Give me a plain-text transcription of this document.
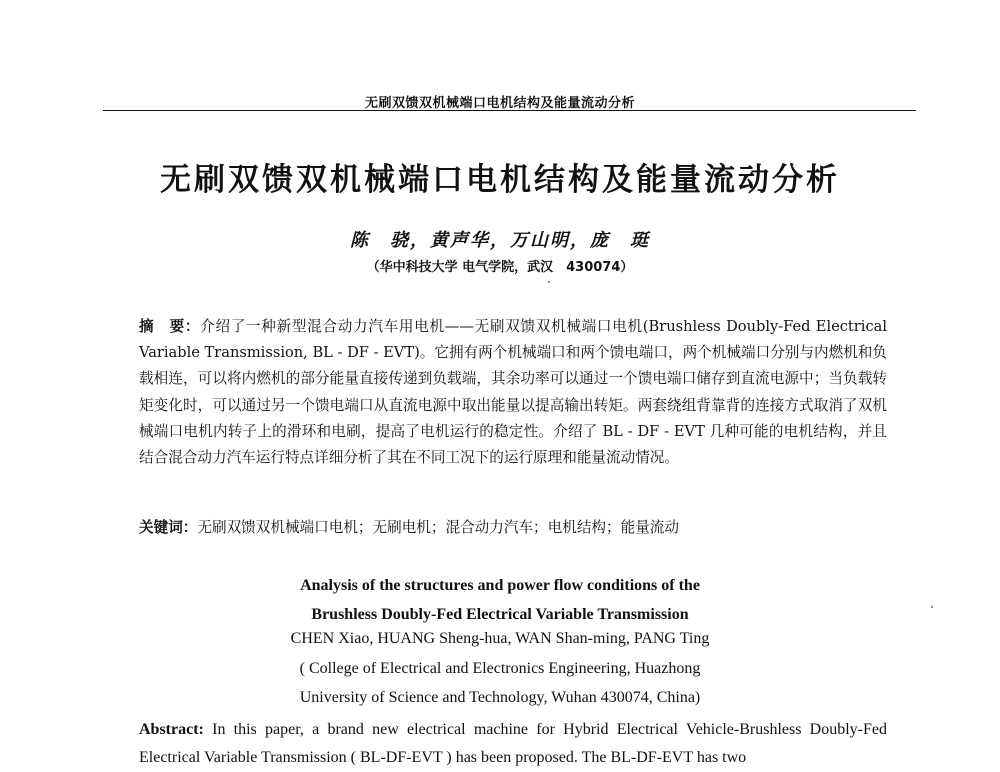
无刷双馈双机械端口电机结构及能量流动分析
无刷双馈双机械端口电机结构及能量流动分析
陈　骁，黄声华，万山明，庞　珽
（华中科技大学 电气学院，武汉　430074）
摘　要：介绍了一种新型混合动力汽车用电机——无刷双馈双机械端口电机(Brushless Doubly-Fed Electrical Variable Transmission, BL - DF - EVT)。它拥有两个机械端口和两个馈电端口，两个机械端口分别与内燃机和负载相连，可以将内燃机的部分能量直接传递到负载端，其余功率可以通过一个馈电端口储存到直流电源中；当负载转矩变化时，可以通过另一个馈电端口从直流电源中取出能量以提高输出转矩。两套绕组背靠背的连接方式取消了双机械端口电机内转子上的滑环和电刷，提高了电机运行的稳定性。介绍了 BL - DF - EVT 几种可能的电机结构，并且结合混合动力汽车运行特点详细分析了其在不同工况下的运行原理和能量流动情况。
关键词：无刷双馈双机械端口电机；无刷电机；混合动力汽车；电机结构；能量流动
Analysis of the structures and power flow conditions of the
Brushless Doubly-Fed Electrical Variable Transmission
CHEN Xiao, HUANG Sheng-hua, WAN Shan-ming, PANG Ting
( College of Electrical and Electronics Engineering, Huazhong
University of Science and Technology, Wuhan 430074, China)
Abstract: In this paper, a brand new electrical machine for Hybrid Electrical Vehicle-Brushless Doubly-Fed Electrical Variable Transmission ( BL-DF-EVT ) has been proposed. The BL-DF-EVT has two
